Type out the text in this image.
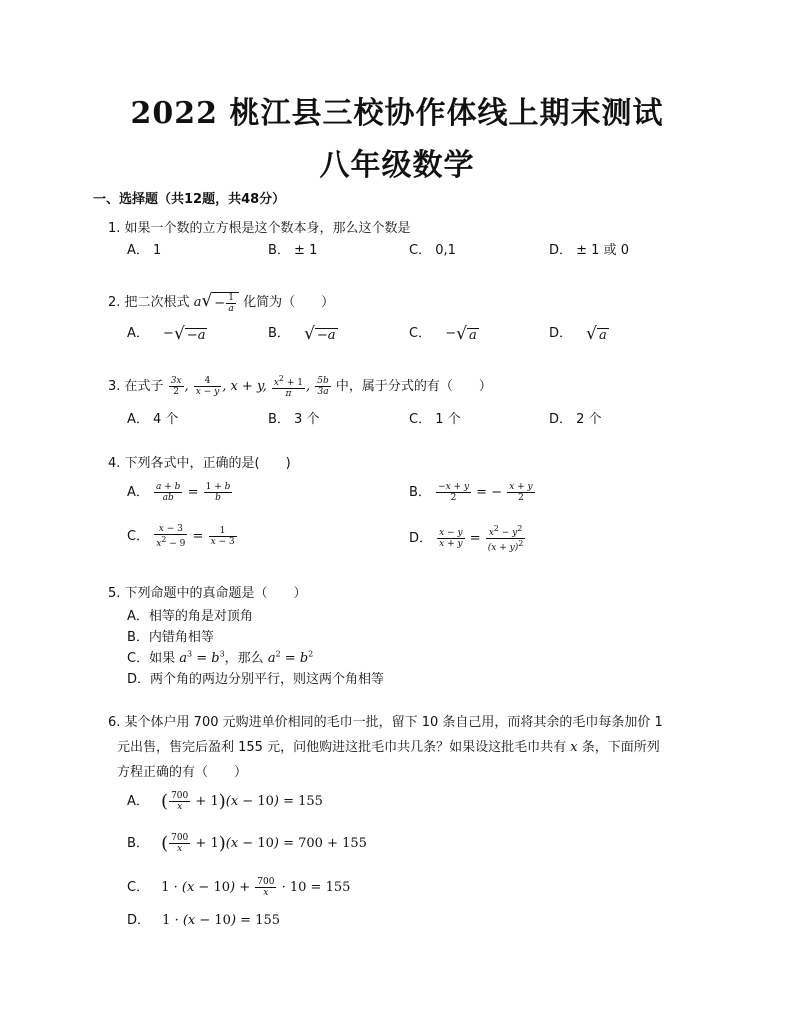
2022 桃江县三校协作体线上期末测试
八年级数学
一、选择题（共12题，共48分）
1. 如果一个数的立方根是这个数本身，那么这个数是
A． 1	B． ± 1	C． 0,1	D． ± 1 或 0
2. 把二次根式 $a√ - \frac{1}{a}$ 化简为（　　）
A． −√ −a	B． √ −a	C． −√ a	D． √ a
3. 在式子 $\frac{3x}{2}$ , $\frac{4}{x - y}$ , x + y, $\frac{x^2 + 1}{\pi}$ , $\frac{5b}{3a}$ 中，属于分式的有（　　）
A． 4 个	B． 3 个	C． 1 个	D． 2 个
4. 下列各式中，正确的是(　　)
A． $\frac{a + b}{ab} = \frac{1 + b}{b}$	B． $\frac{-x + y}{2}$ = − $\frac{x + y}{2}$
C． $\frac{x - 3}{x^2 - 9} = \frac{1}{x - 3}$	D． $\frac{x - y}{x + y} = \frac{x^2 - y^2}{(x + y)^2}$
5. 下列命题中的真命题是（　　）
A．相等的角是对顶角
B．内错角相等
C．如果 $a^3 = b^3$，那么 $a^2 = b^2$
D．两个角的两边分别平行，则这两个角相等
6. 某个体户用 700 元购进单价相同的毛巾一批，留下 10 条自己用，而将其余的毛巾每条加价 1
元出售，售完后盈利 155 元，问他购进这批毛巾共几条？如果设这批毛巾共有 x 条，下面所列
方程正确的有（　　）
A． ( $\frac{700}{x} + 1)(x - 10) = 155$
B． ( $\frac{700}{x} + 1)(x - 10) = 700 + 155$
C． $1 \cdot (x - 10) + \frac{700}{x} \cdot 10 = 155$
D． 1 · (x − 10) = 155
